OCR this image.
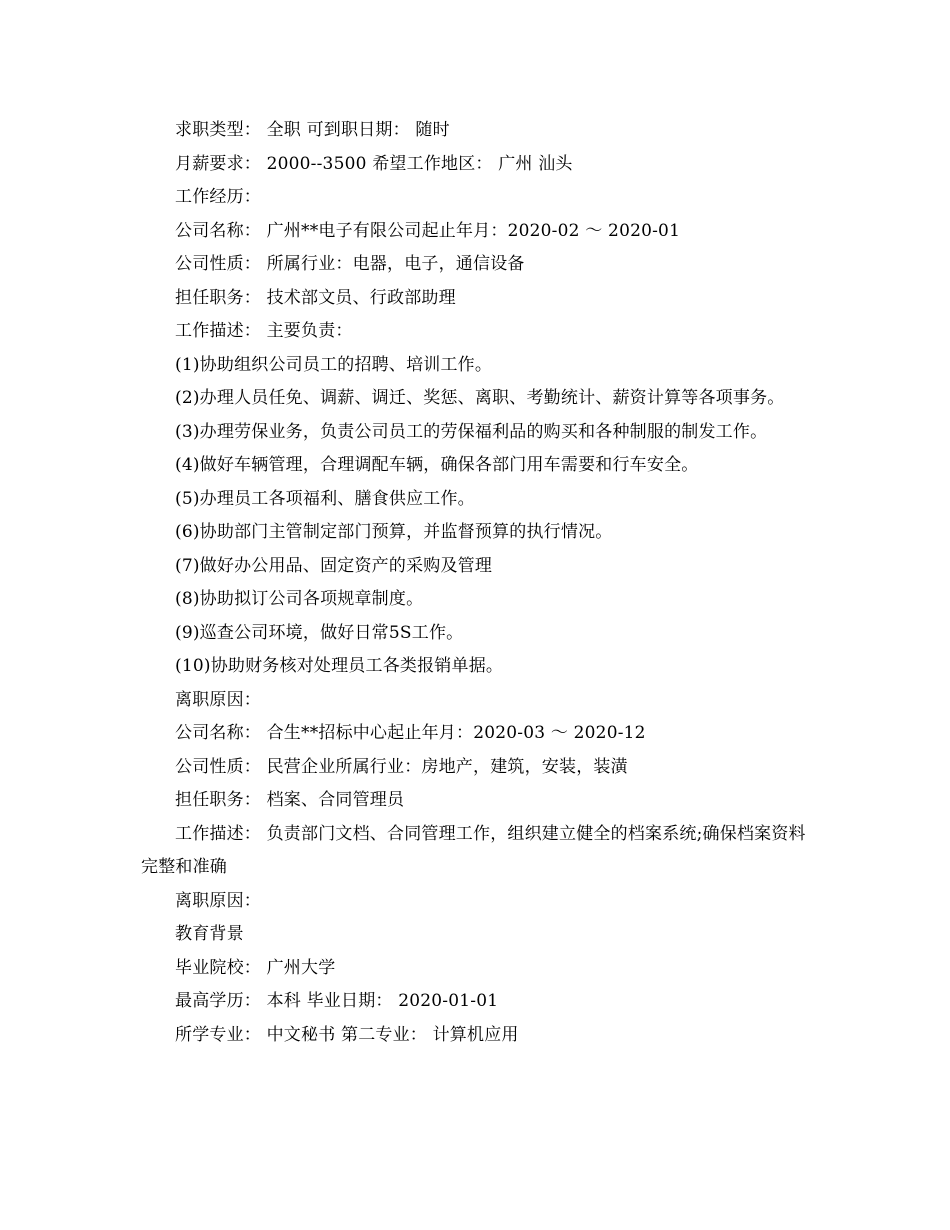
求职类型： 全职 可到职日期： 随时

月薪要求： 2000--3500 希望工作地区： 广州 汕头

工作经历：

公司名称： 广州**电子有限公司起止年月：2020-02 ～ 2020-01

公司性质： 所属行业：电器，电子，通信设备

担任职务： 技术部文员、行政部助理

工作描述： 主要负责：

(1)协助组织公司员工的招聘、培训工作。

(2)办理人员任免、调薪、调迁、奖惩、离职、考勤统计、薪资计算等各项事务。

(3)办理劳保业务，负责公司员工的劳保福利品的购买和各种制服的制发工作。

(4)做好车辆管理，合理调配车辆，确保各部门用车需要和行车安全。

(5)办理员工各项福利、膳食供应工作。

(6)协助部门主管制定部门预算，并监督预算的执行情况。

(7)做好办公用品、固定资产的采购及管理

(8)协助拟订公司各项规章制度。

(9)巡查公司环境，做好日常5S工作。

(10)协助财务核对处理员工各类报销单据。

离职原因：

公司名称： 合生**招标中心起止年月：2020-03 ～ 2020-12

公司性质： 民营企业所属行业：房地产，建筑，安装，装潢

担任职务： 档案、合同管理员

工作描述： 负责部门文档、合同管理工作，组织建立健全的档案系统;确保档案资料完整和准确

离职原因：

教育背景

毕业院校： 广州大学

最高学历： 本科 毕业日期： 2020-01-01

所学专业： 中文秘书 第二专业： 计算机应用
